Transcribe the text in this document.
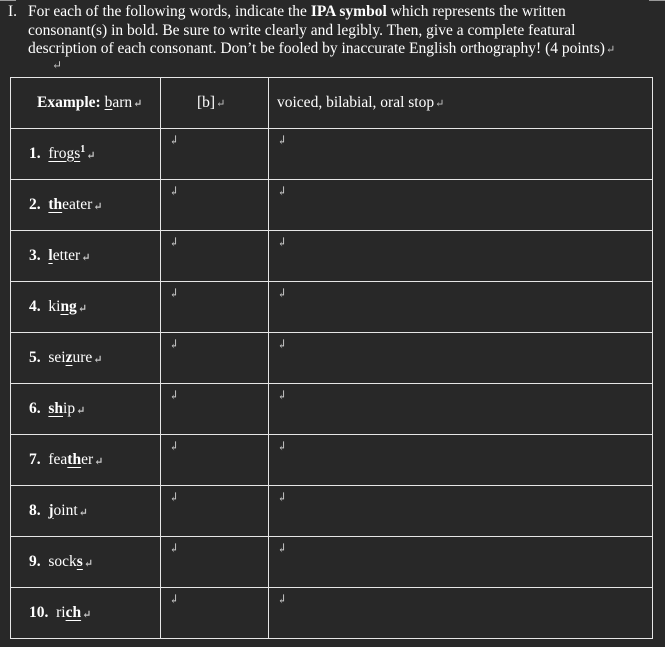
I. For each of the following words, indicate the IPA symbol which represents the written
consonant(s) in bold. Be sure to write clearly and legibly. Then, give a complete featural
description of each consonant. Don’t be fooled by inaccurate English orthography! (4 points)↵
↵
Example: barn↵	[b]↵	voiced, bilabial, oral stop↵
1. frogs$^1$↵	↲	↲

2. theater↵	↲	↲

3. letter↵	↲	↲

4. king↵	↲	↲

5. seizure↵	↲	↲

6. ship↵	↲	↲

7. feather↵	↲	↲

8. joint↵	↲	↲

9. socks↵	↲	↲

10. rich↵	↲	↲
